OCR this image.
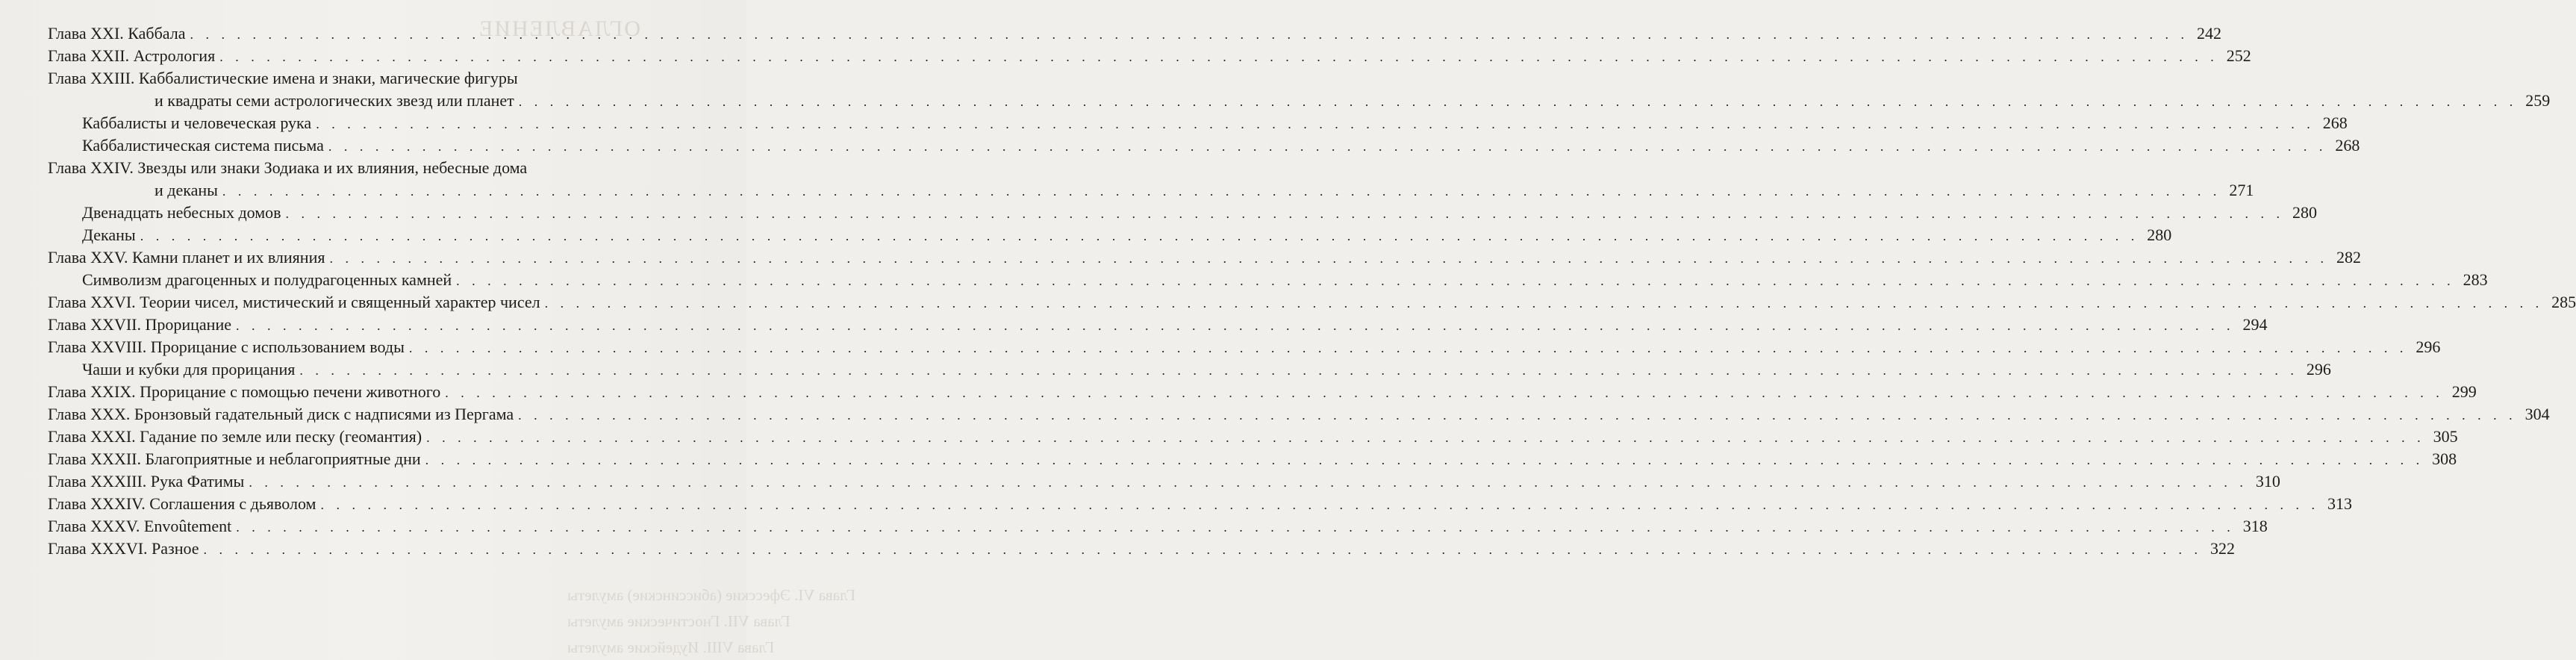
ОГЛАВЛЕНИЕ
Глава VI. Эфесские (абиссинские) амулеты
Глава VII. Гностические амулеты
Глава VIII. Иудейские амулеты
Глава XXI. Каббала . . .	242
Глава XXII. Астрология . . .	252
Глава XXIII. Каббалистические имена и знаки, магические фигуры
и квадраты семи астрологических звезд или планет . . .	259
Каббалисты и человеческая рука . . .	268
Каббалистическая система письма . . .	268
Глава XXIV. Звезды или знаки Зодиака и их влияния, небесные дома
и деканы . . .	271
Двенадцать небесных домов . . .	280
Деканы . . .	280
Глава XXV. Камни планет и их влияния . . .	282
Символизм драгоценных и полудрагоценных камней . . .	283
Глава XXVI. Теории чисел, мистический и священный характер чисел . . .	285
Глава XXVII. Прорицание . . .	294
Глава XXVIII. Прорицание с использованием воды . . .	296
Чаши и кубки для прорицания . . .	296
Глава XXIX. Прорицание с помощью печени животного . . .	299
Глава XXX. Бронзовый гадательный диск с надписями из Пергама . . .	304
Глава XXXI. Гадание по земле или песку (геомантия) . . .	305
Глава XXXII. Благоприятные и неблагоприятные дни . . .	308
Глава XXXIII. Рука Фатимы . . .	310
Глава XXXIV. Соглашения с дьяволом . . .	313
Глава XXXV. Envoûtement . . .	318
Глава XXXVI. Разное . . .	322
